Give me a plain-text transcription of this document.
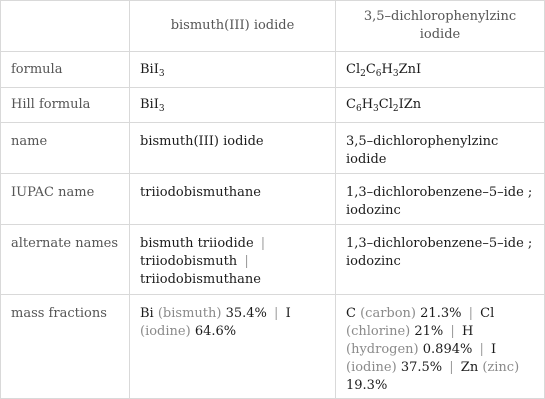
	bismuth(III) iodide	3,5–dichlorophenylzinc iodide
formula	BiI$_3$	$Cl_2C_6H_3ZnI$
Hill formula	BiI$_3$	$C_6H_3Cl_2IZn$
name	bismuth(III) iodide	3,5–dichlorophenylzinc iodide
IUPAC name	triiodobismuthane	1,3–dichlorobenzene–5–ide ; iodozinc
alternate names	bismuth triiodide | triiodobismuth | triiodobismuthane	1,3–dichlorobenzene–5–ide ; iodozinc
mass fractions	Bi (bismuth) 35.4% | I (iodine) 64.6%	C (carbon) 21.3% | Cl (chlorine) 21% | H (hydrogen) 0.894% | I (iodine) 37.5% | Zn (zinc) 19.3%
